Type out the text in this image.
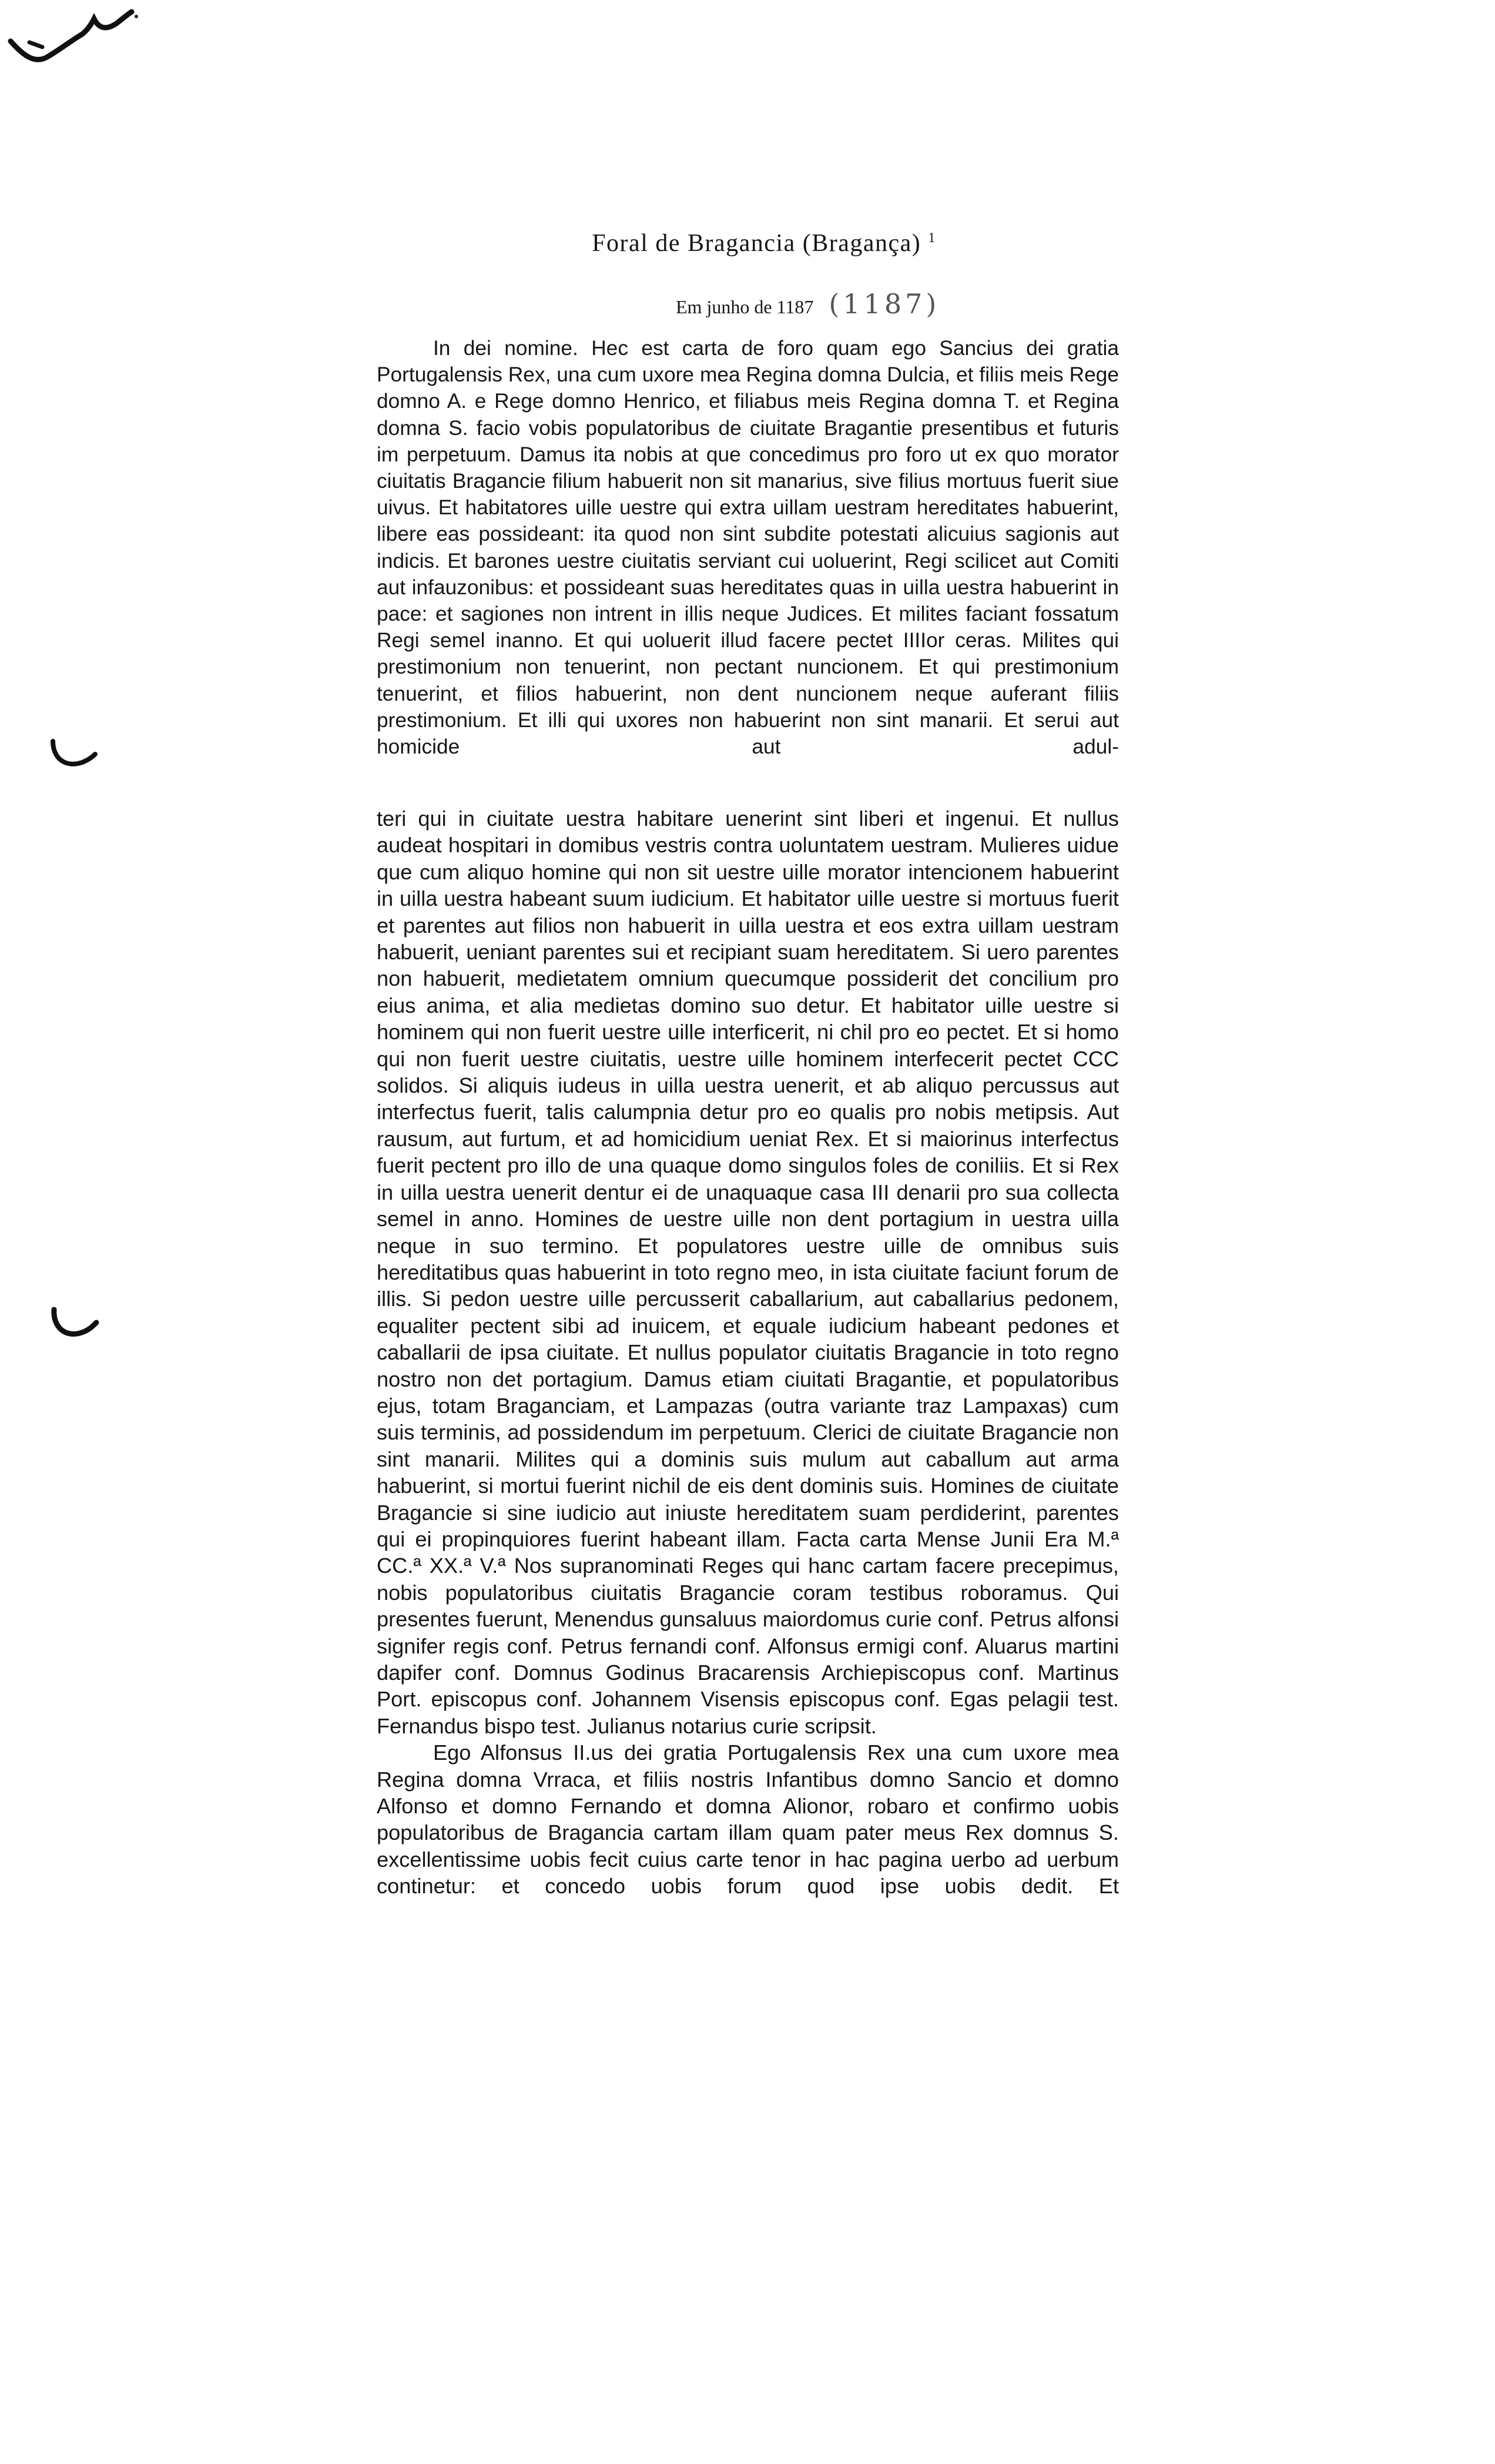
Foral de Bragancia (Bragança) $^1$
Em junho de 1187 (1187)

In dei nomine. Hec est carta de foro quam ego Sancius dei gratia Portugalensis Rex, una cum uxore mea Regina domna Dulcia, et filiis meis Rege domno A. e Rege domno Henrico, et filiabus meis Regina domna T. et Regina domna S. facio vobis populatoribus de ciuitate Bragantie presentibus et futuris im perpetuum. Damus ita nobis at que concedimus pro foro ut ex quo morator ciuitatis Bragancie filium habuerit non sit manarius, sive filius mortuus fuerit siue uivus. Et habitatores uille uestre qui extra uillam uestram hereditates habuerint, libere eas possideant: ita quod non sint subdite potestati alicuius sagionis aut indicis. Et barones uestre ciuitatis serviant cui uoluerint, Regi scilicet aut Comiti aut infauzonibus: et possideant suas hereditates quas in uilla uestra habuerint in pace: et sagiones non intrent in illis neque Judices. Et milites faciant fossatum Regi semel inanno. Et qui uoluerit illud facere pectet IIIIor ceras. Milites qui prestimonium non tenuerint, non pectant nuncionem. Et qui prestimonium tenuerint, et filios habuerint, non dent nuncionem neque auferant filiis prestimonium. Et illi qui uxores non habuerint non sint manarii. Et serui aut homicide aut adul-

teri qui in ciuitate uestra habitare uenerint sint liberi et ingenui. Et nullus audeat hospitari in domibus vestris contra uoluntatem uestram. Mulieres uidue que cum aliquo homine qui non sit uestre uille morator intencionem habuerint in uilla uestra habeant suum iudicium. Et habitator uille uestre si mortuus fuerit et parentes aut filios non habuerit in uilla uestra et eos extra uillam uestram habuerit, ueniant parentes sui et recipiant suam hereditatem. Si uero parentes non habuerit, medietatem omnium quecumque possiderit det concilium pro eius anima, et alia medietas domino suo detur. Et habitator uille uestre si hominem qui non fuerit uestre uille interficerit, ni chil pro eo pectet. Et si homo qui non fuerit uestre ciuitatis, uestre uille hominem interfecerit pectet CCC solidos. Si aliquis iudeus in uilla uestra uenerit, et ab aliquo percussus aut interfectus fuerit, talis calumpnia detur pro eo qualis pro nobis metipsis. Aut rausum, aut furtum, et ad homicidium ueniat Rex. Et si maiorinus interfectus fuerit pectent pro illo de una quaque domo singulos foles de coniliis. Et si Rex in uilla uestra uenerit dentur ei de unaquaque casa III denarii pro sua collecta semel in anno. Homines de uestre uille non dent portagium in uestra uilla neque in suo termino. Et populatores uestre uille de omnibus suis hereditatibus quas habuerint in toto regno meo, in ista ciuitate faciunt forum de illis. Si pedon uestre uille percusserit caballarium, aut caballarius pedonem, equaliter pectent sibi ad inuicem, et equale iudicium habeant pedones et caballarii de ipsa ciuitate. Et nullus populator ciuitatis Bragancie in toto regno nostro non det portagium. Damus etiam ciuitati Bragantie, et populatoribus ejus, totam Braganciam, et Lampazas (outra variante traz Lampaxas) cum suis terminis, ad possidendum im perpetuum. Clerici de ciuitate Bragancie non sint manarii. Milites qui a dominis suis mulum aut caballum aut arma habuerint, si mortui fuerint nichil de eis dent dominis suis. Homines de ciuitate Bragancie si sine iudicio aut iniuste hereditatem suam perdiderint, parentes qui ei propinquiores fuerint habeant illam. Facta carta Mense Junii Era M.ª CC.ª XX.ª V.ª Nos supranominati Reges qui hanc cartam facere precepimus, nobis populatoribus ciuitatis Bragancie coram testibus roboramus. Qui presentes fuerunt, Menendus gunsaluus maiordomus curie conf. Petrus alfonsi signifer regis conf. Petrus fernandi conf. Alfonsus ermigi conf. Aluarus martini dapifer conf. Domnus Godinus Bracarensis Archiepiscopus conf. Martinus Port. episcopus conf. Johannem Visensis episcopus conf. Egas pelagii test. Fernandus bispo test. Julianus notarius curie scripsit.

Ego Alfonsus II.us dei gratia Portugalensis Rex una cum uxore mea Regina domna Vrraca, et filiis nostris Infantibus domno Sancio et domno Alfonso et domno Fernando et domna Alionor, robaro et confirmo uobis populatoribus de Bragancia cartam illam quam pater meus Rex domnus S. excellentissime uobis fecit cuius carte tenor in hac pagina uerbo ad uerbum continetur: et concedo uobis forum quod ipse uobis dedit. Et
